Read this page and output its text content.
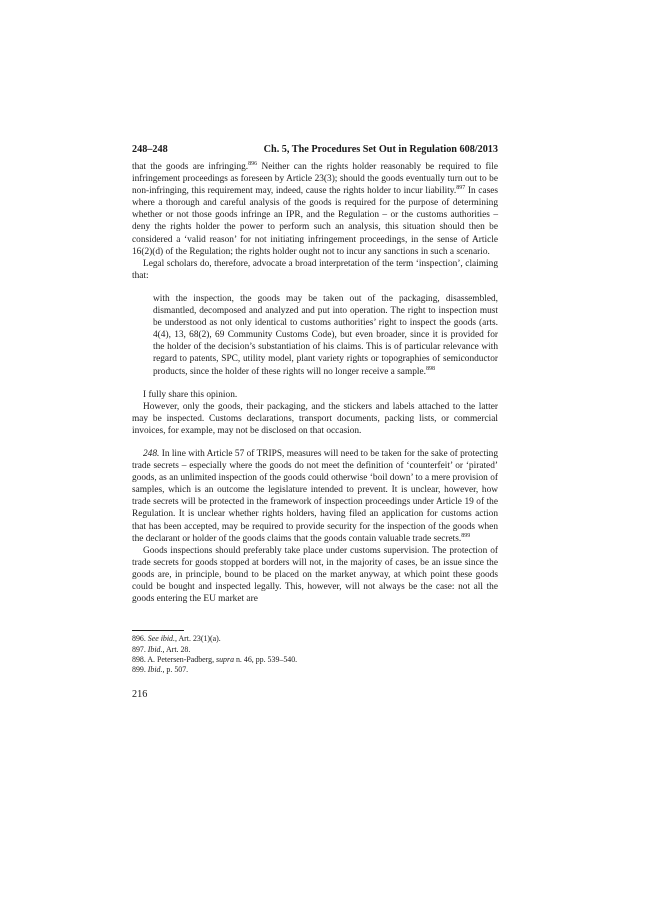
248–248	Ch. 5, The Procedures Set Out in Regulation 608/2013

that the goods are infringing.$^{896}$ Neither can the rights holder reasonably be required to file infringement proceedings as foreseen by Article 23(3); should the goods eventually turn out to be non-infringing, this requirement may, indeed, cause the rights holder to incur liability.$^{897}$ In cases where a thorough and careful analysis of the goods is required for the purpose of determining whether or not those goods infringe an IPR, and the Regulation – or the customs authorities – deny the rights holder the power to perform such an analysis, this situation should then be considered a ‘valid reason’ for not initiating infringement proceedings, in the sense of Article 16(2)(d) of the Regulation; the rights holder ought not to incur any sanctions in such a scenario.

Legal scholars do, therefore, advocate a broad interpretation of the term ‘inspection’, claiming that:

with the inspection, the goods may be taken out of the packaging, disassembled, dismantled, decomposed and analyzed and put into operation. The right to inspection must be understood as not only identical to customs authorities’ right to inspect the goods (arts. 4(4), 13, 68(2), 69 Community Customs Code), but even broader, since it is provided for the holder of the decision’s substantiation of his claims. This is of particular relevance with regard to patents, SPC, utility model, plant variety rights or topographies of semiconductor products, since the holder of these rights will no longer receive a sample.$^{898}$

I fully share this opinion.

However, only the goods, their packaging, and the stickers and labels attached to the latter may be inspected. Customs declarations, transport documents, packing lists, or commercial invoices, for example, may not be disclosed on that occasion.

248. In line with Article 57 of TRIPS, measures will need to be taken for the sake of protecting trade secrets – especially where the goods do not meet the definition of ‘counterfeit’ or ‘pirated’ goods, as an unlimited inspection of the goods could otherwise ‘boil down’ to a mere provision of samples, which is an outcome the legislature intended to prevent. It is unclear, however, how trade secrets will be protected in the framework of inspection proceedings under Article 19 of the Regulation. It is unclear whether rights holders, having filed an application for customs action that has been accepted, may be required to provide security for the inspection of the goods when the declarant or holder of the goods claims that the goods contain valuable trade secrets.$^{899}$

Goods inspections should preferably take place under customs supervision. The protection of trade secrets for goods stopped at borders will not, in the majority of cases, be an issue since the goods are, in principle, bound to be placed on the market anyway, at which point these goods could be bought and inspected legally. This, however, will not always be the case: not all the goods entering the EU market are

896. See ibid., Art. 23(1)(a).

897. Ibid., Art. 28.

898. A. Petersen-Padberg, supra n. 46, pp. 539–540.

899. Ibid., p. 507.

216
